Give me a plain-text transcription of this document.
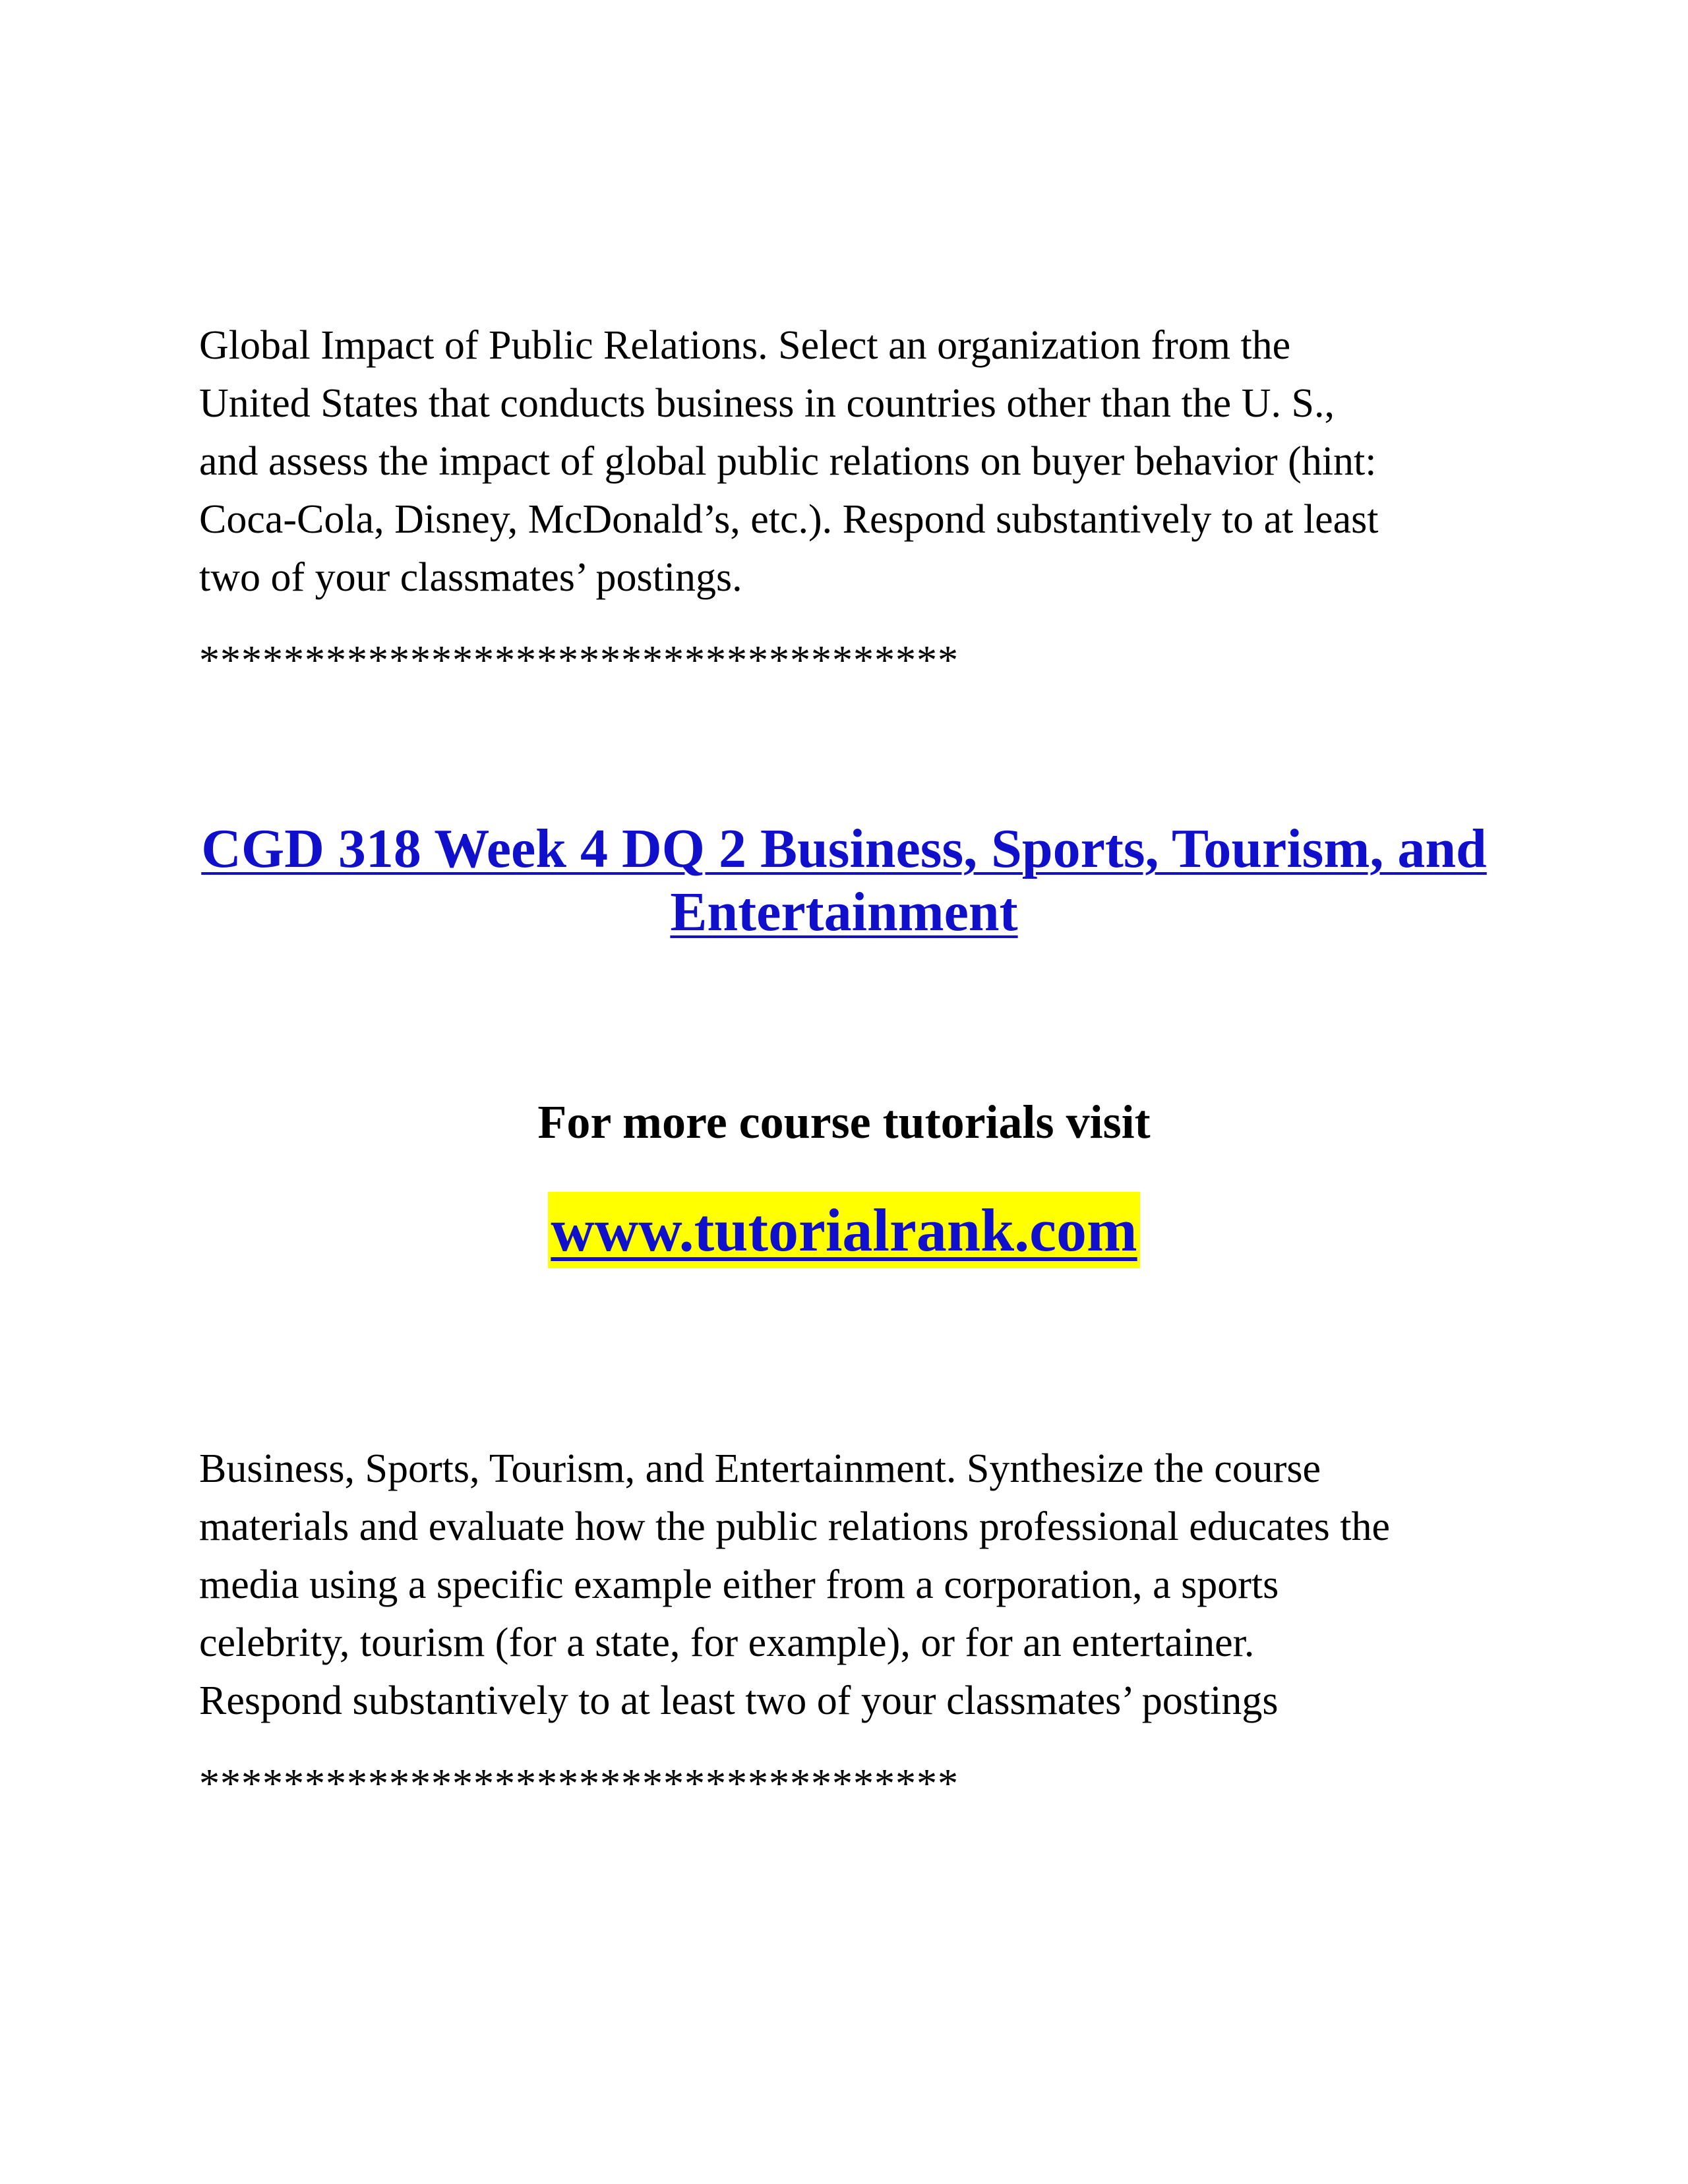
Global Impact of Public Relations. Select an organization from the
United States that conducts business in countries other than the U. S.,
and assess the impact of global public relations on buyer behavior (hint:
Coca-Cola, Disney, McDonald’s, etc.). Respond substantively to at least
two of your classmates’ postings.

************************************

CGD 318 Week 4 DQ 2 Business, Sports, Tourism, and
Entertainment

For more course tutorials visit

www.tutorialrank.com

Business, Sports, Tourism, and Entertainment. Synthesize the course
materials and evaluate how the public relations professional educates the
media using a specific example either from a corporation, a sports
celebrity, tourism (for a state, for example), or for an entertainer.
Respond substantively to at least two of your classmates’ postings

************************************
